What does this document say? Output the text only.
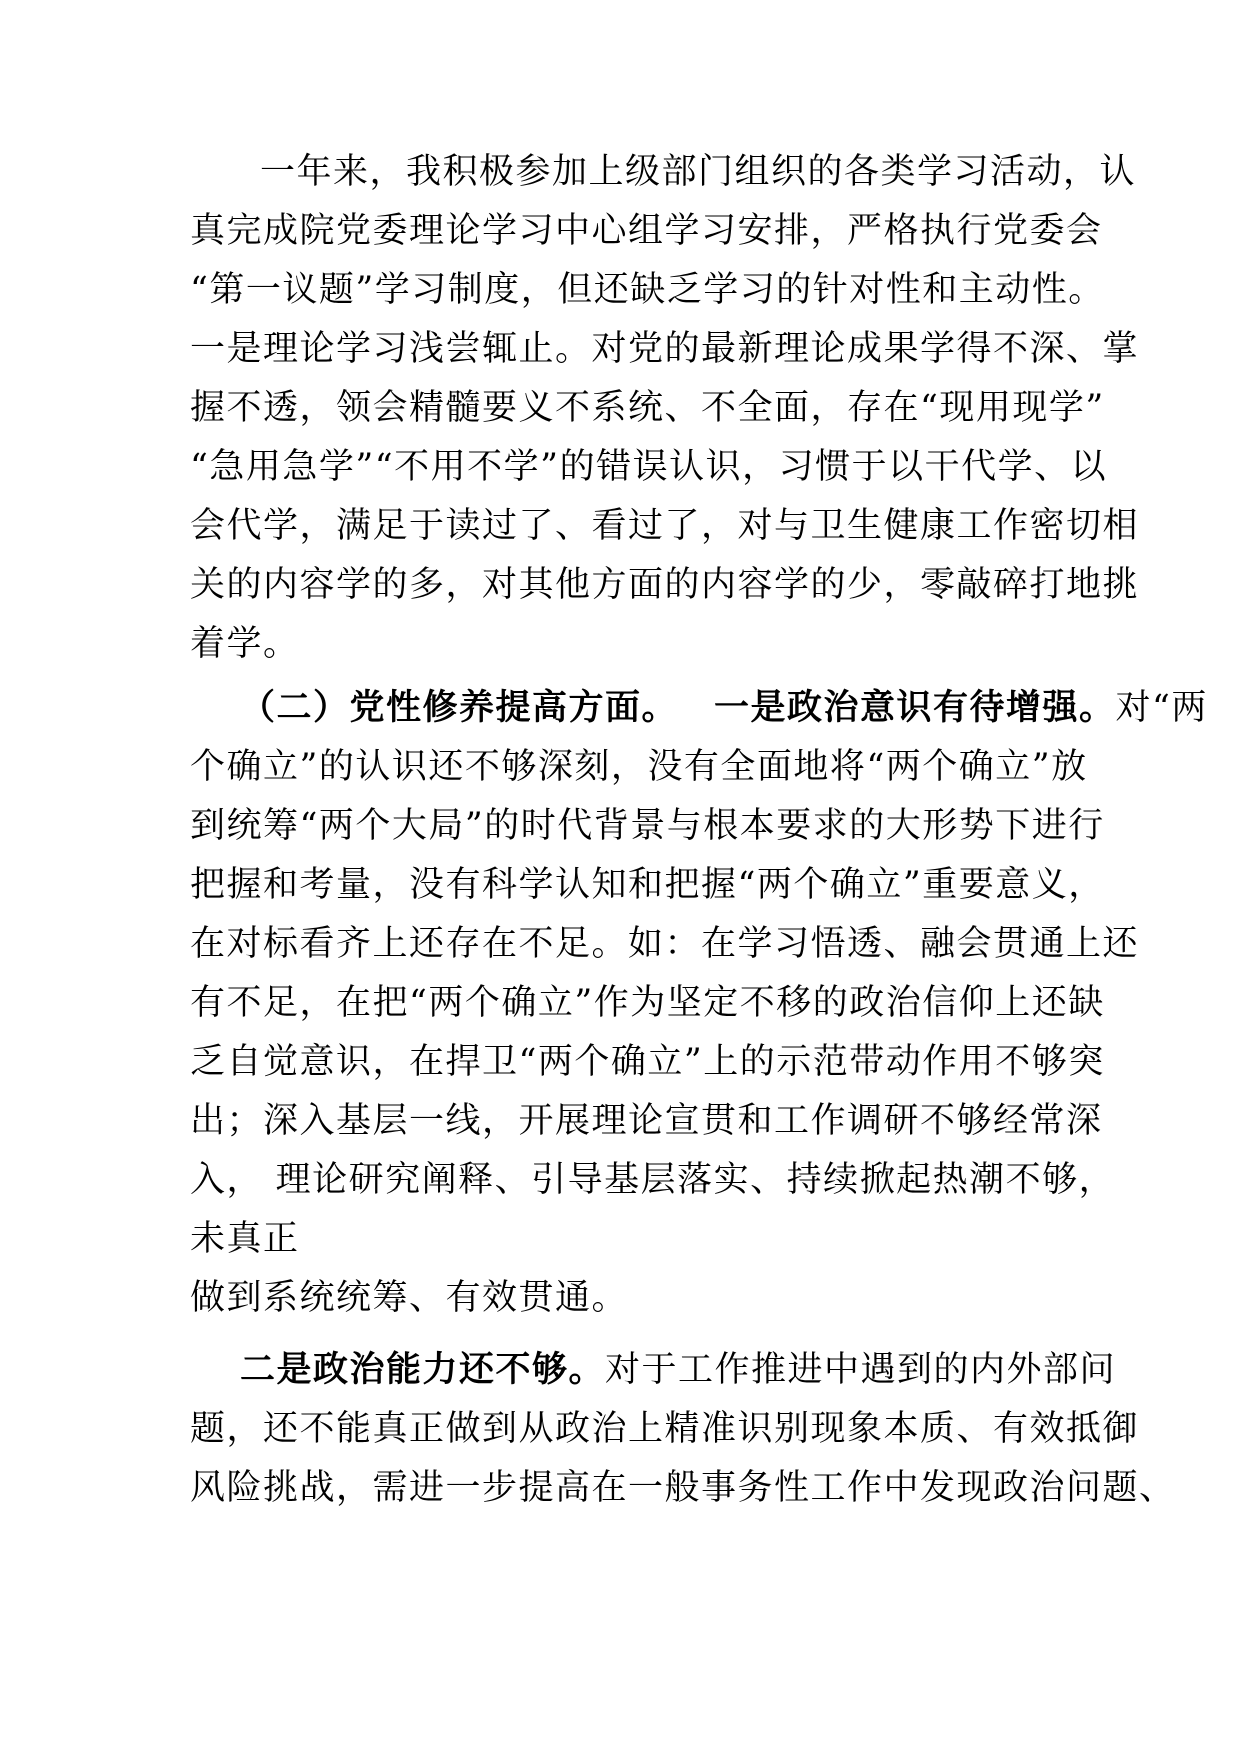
一年来，我积极参加上级部门组织的各类学习活动，认
真完成院党委理论学习中心组学习安排，严格执行党委会
“第一议题”学习制度，但还缺乏学习的针对性和主动性。
一是理论学习浅尝辄止。对党的最新理论成果学得不深、掌
握不透，领会精髓要义不系统、不全面，存在“现用现学”
“急用急学”“不用不学”的错误认识，习惯于以干代学、以
会代学，满足于读过了、看过了，对与卫生健康工作密切相
关的内容学的多，对其他方面的内容学的少，零敲碎打地挑
着学。
（二）党性修养提高方面。 一是政治意识有待增强。对“两
个确立”的认识还不够深刻，没有全面地将“两个确立”放
到统筹“两个大局”的时代背景与根本要求的大形势下进行
把握和考量，没有科学认知和把握“两个确立”重要意义，
在对标看齐上还存在不足。如：在学习悟透、融会贯通上还
有不足，在把“两个确立”作为坚定不移的政治信仰上还缺
乏自觉意识，在捍卫“两个确立”上的示范带动作用不够突
出；深入基层一线，开展理论宣贯和工作调研不够经常深
入， 理论研究阐释、引导基层落实、持续掀起热潮不够，
未真正
做到系统统筹、有效贯通。
二是政治能力还不够。对于工作推进中遇到的内外部问
题，还不能真正做到从政治上精准识别现象本质、有效抵御
风险挑战，需进一步提高在一般事务性工作中发现政治问题、
